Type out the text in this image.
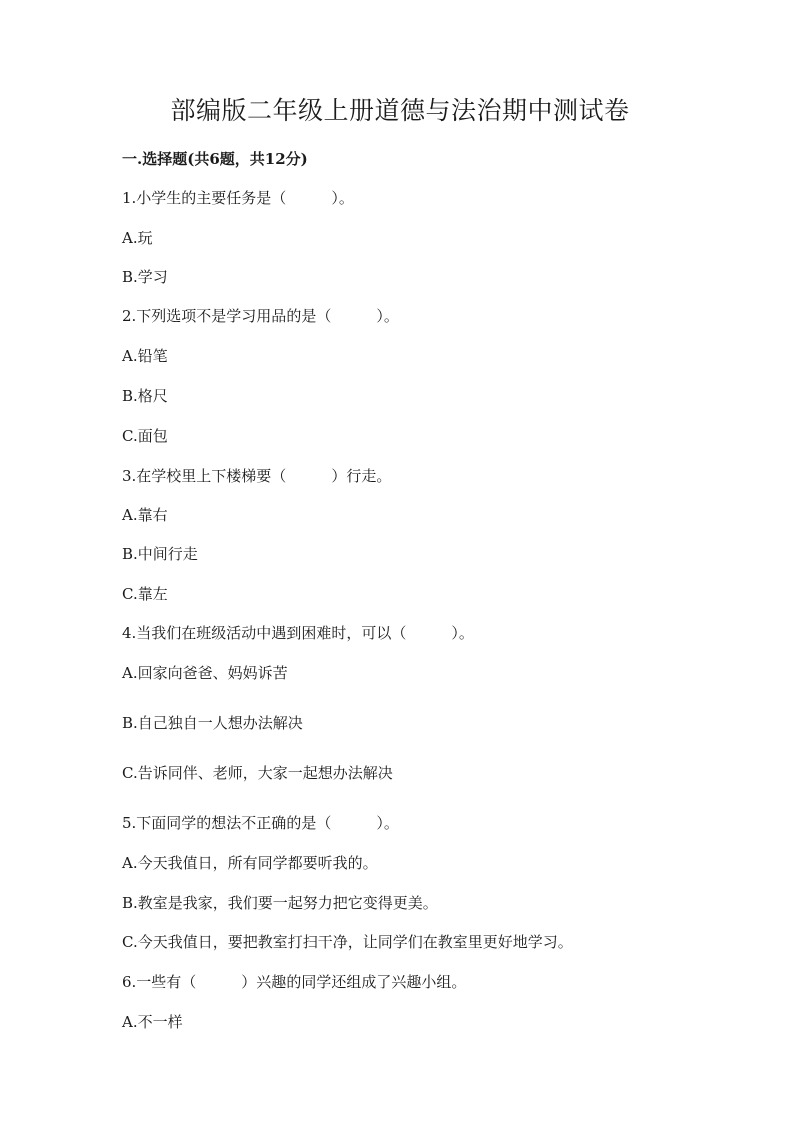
部编版二年级上册道德与法治期中测试卷
一.选择题(共6题，共12分)
1.小学生的主要任务是（　　　）。
A.玩
B.学习
2.下列选项不是学习用品的是（　　　）。
A.铅笔
B.格尺
C.面包
3.在学校里上下楼梯要（　　　）行走。
A.靠右
B.中间行走
C.靠左
4.当我们在班级活动中遇到困难时，可以（　　　）。
A.回家向爸爸、妈妈诉苦
B.自己独自一人想办法解决
C.告诉同伴、老师，大家一起想办法解决
5.下面同学的想法不正确的是（　　　）。
A.今天我值日，所有同学都要听我的。
B.教室是我家，我们要一起努力把它变得更美。
C.今天我值日，要把教室打扫干净，让同学们在教室里更好地学习。
6.一些有（　　　）兴趣的同学还组成了兴趣小组。
A.不一样
